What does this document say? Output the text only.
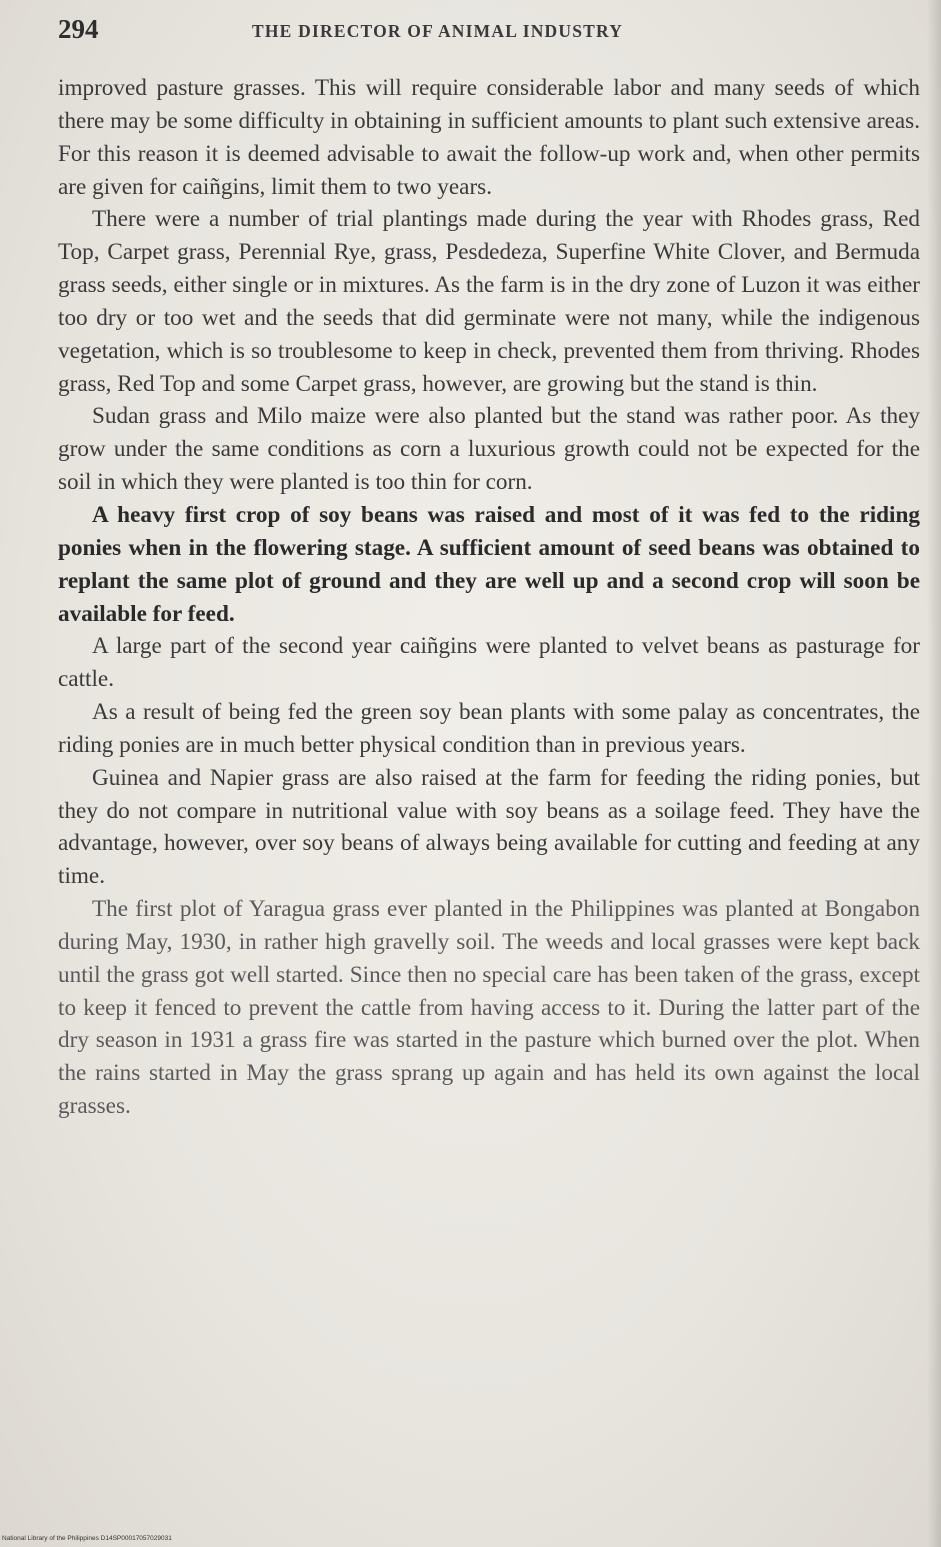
294	THE DIRECTOR OF ANIMAL INDUSTRY

improved pasture grasses. This will require considerable labor and many seeds of which there may be some difficulty in obtaining in sufficient amounts to plant such extensive areas. For this reason it is deemed advisable to await the follow-up work and, when other permits are given for caiñgins, limit them to two years.

There were a number of trial plantings made during the year with Rhodes grass, Red Top, Carpet grass, Perennial Rye, grass, Pesdedeza, Superfine White Clover, and Bermuda grass seeds, either single or in mixtures. As the farm is in the dry zone of Luzon it was either too dry or too wet and the seeds that did germinate were not many, while the indigenous vegetation, which is so troublesome to keep in check, prevented them from thriving. Rhodes grass, Red Top and some Carpet grass, however, are growing but the stand is thin.

Sudan grass and Milo maize were also planted but the stand was rather poor. As they grow under the same conditions as corn a luxurious growth could not be expected for the soil in which they were planted is too thin for corn.

A heavy first crop of soy beans was raised and most of it was fed to the riding ponies when in the flowering stage. A sufficient amount of seed beans was obtained to replant the same plot of ground and they are well up and a second crop will soon be available for feed.

A large part of the second year caiñgins were planted to velvet beans as pasturage for cattle.

As a result of being fed the green soy bean plants with some palay as concentrates, the riding ponies are in much better physical condition than in previous years.

Guinea and Napier grass are also raised at the farm for feeding the riding ponies, but they do not compare in nutritional value with soy beans as a soilage feed. They have the advantage, however, over soy beans of always being available for cutting and feeding at any time.

The first plot of Yaragua grass ever planted in the Philippines was planted at Bongabon during May, 1930, in rather high gravelly soil. The weeds and local grasses were kept back until the grass got well started. Since then no special care has been taken of the grass, except to keep it fenced to prevent the cattle from having access to it. During the latter part of the dry season in 1931 a grass fire was started in the pasture which burned over the plot. When the rains started in May the grass sprang up again and has held its own against the local grasses.

National Library of the Philippines D14SP00017057029031
